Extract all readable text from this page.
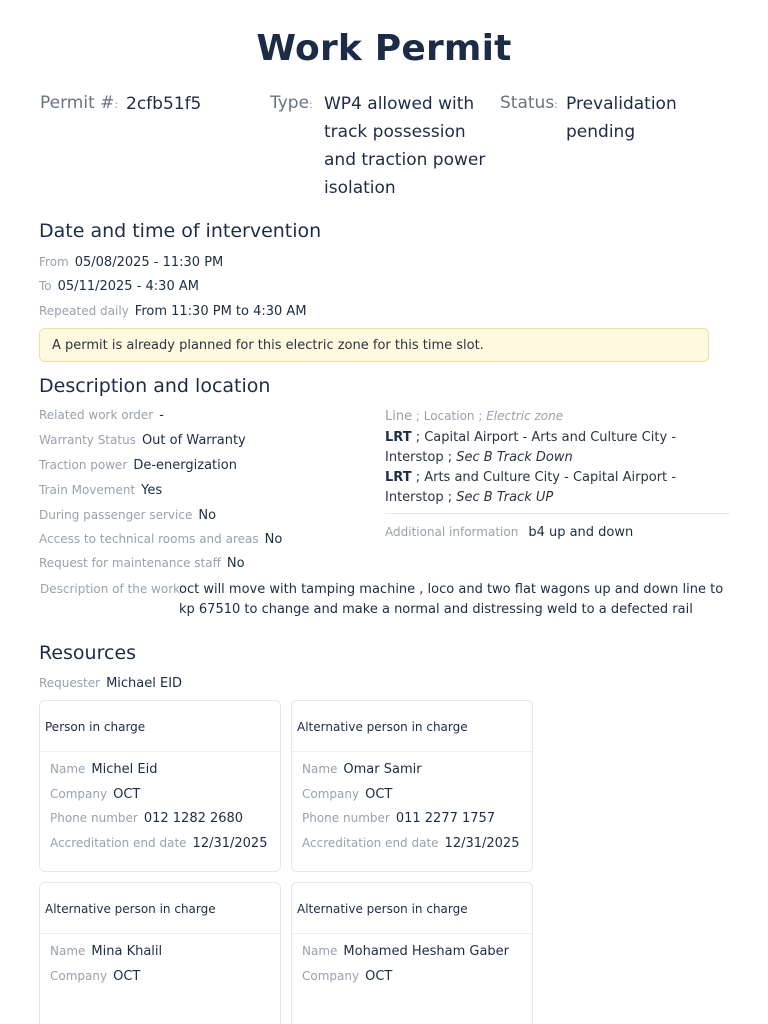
Work Permit
Permit #: 2cfb51f5	Type: WP4 allowed with track possession and traction power isolation
Status: Prevalidation pending
Date and time of intervention
From 05/08/2025 - 11:30 PM
To 05/11/2025 - 4:30 AM
Repeated daily From 11:30 PM to 4:30 AM
A permit is already planned for this electric zone for this time slot.
Description and location
Related work order -
Warranty Status Out of Warranty
Traction power De-energization
Train Movement Yes
During passenger service No
Access to technical rooms and areas No
Request for maintenance staff No
Line ; Location ; Electric zone
LRT ; Capital Airport - Arts and Culture City - Interstop ; Sec B Track Down
LRT ; Arts and Culture City - Capital Airport - Interstop ; Sec B Track UP
Additional information b4 up and down
Description of the work
oct will move with tamping machine , loco and two flat wagons up and down line to kp 67510 to change and make a normal and distressing weld to a defected rail
Resources
Requester Michael EID
Person in charge
Name Michel Eid
Company OCT
Phone number 012 1282 2680
Accreditation end date 12/31/2025
Alternative person in charge
Name Omar Samir
Company OCT
Phone number 011 2277 1757
Accreditation end date 12/31/2025
Alternative person in charge
Name Mina Khalil
Company OCT
Alternative person in charge
Name Mohamed Hesham Gaber
Company OCT
